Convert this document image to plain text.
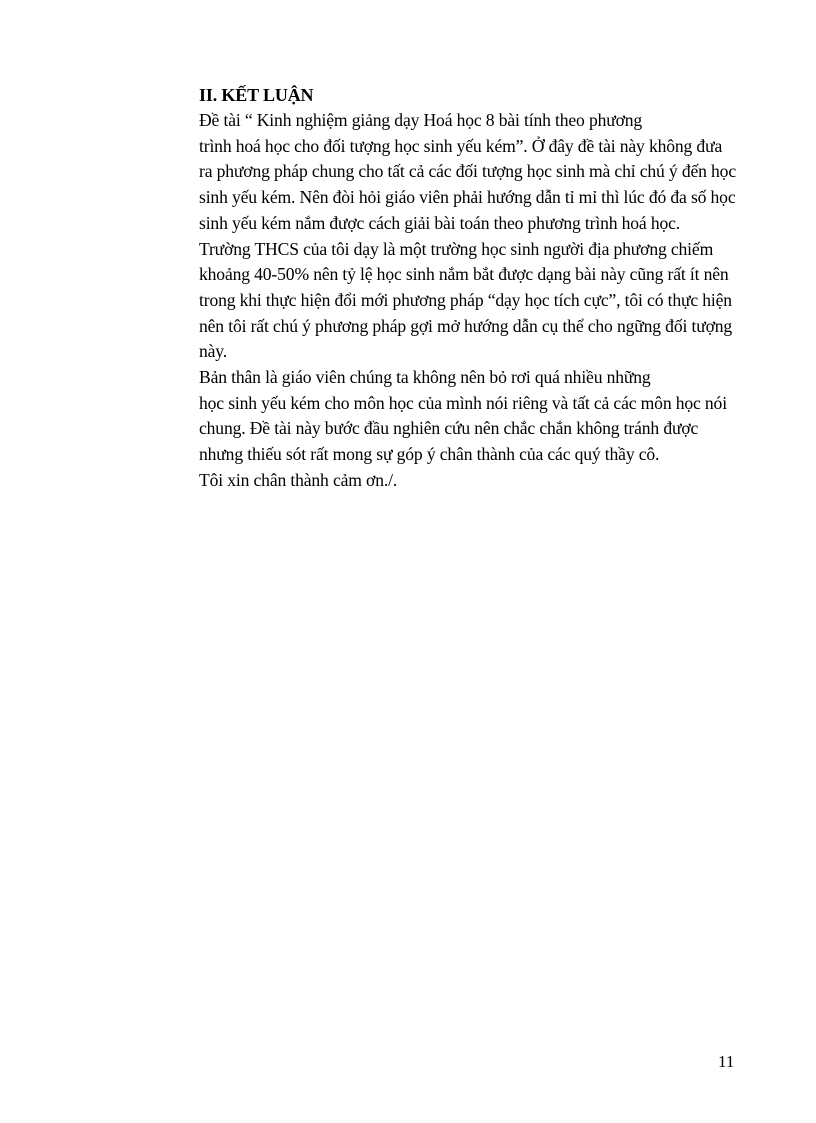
II. KẾT LUẬN

Đề tài “ Kinh nghiệm giảng dạy Hoá học 8 bài tính theo phương
trình hoá học cho đối tượng học sinh yếu kém”. Ở đây đề tài này không đưa
ra phương pháp chung cho tất cả các đối tượng học sinh mà chỉ chú ý đến học
sinh yếu kém. Nên đòi hỏi giáo viên phải hướng dẫn tỉ mỉ thì lúc đó đa số học
sinh yếu kém nắm được cách giải bài toán theo phương trình hoá học.
Trường THCS của tôi dạy là một trường học sinh người địa phương chiếm
khoảng 40-50% nên tỷ lệ học sinh nắm bắt được dạng bài này cũng rất ít nên
trong khi thực hiện đổi mới phương pháp “dạy học tích cực”, tôi có thực hiện
nên tôi rất chú ý phương pháp gợi mở hướng dẫn cụ thể cho ngững đối tượng
này.

Bản thân là giáo viên chúng ta không nên bỏ rơi quá nhiều những
học sinh yếu kém cho môn học của mình nói riêng và tất cả các môn học nói
chung. Đề tài này bước đầu nghiên cứu nên chắc chắn không tránh được
nhưng thiếu sót rất mong sự góp ý chân thành của các quý thầy cô.

Tôi xin chân thành cảm ơn./.

11
